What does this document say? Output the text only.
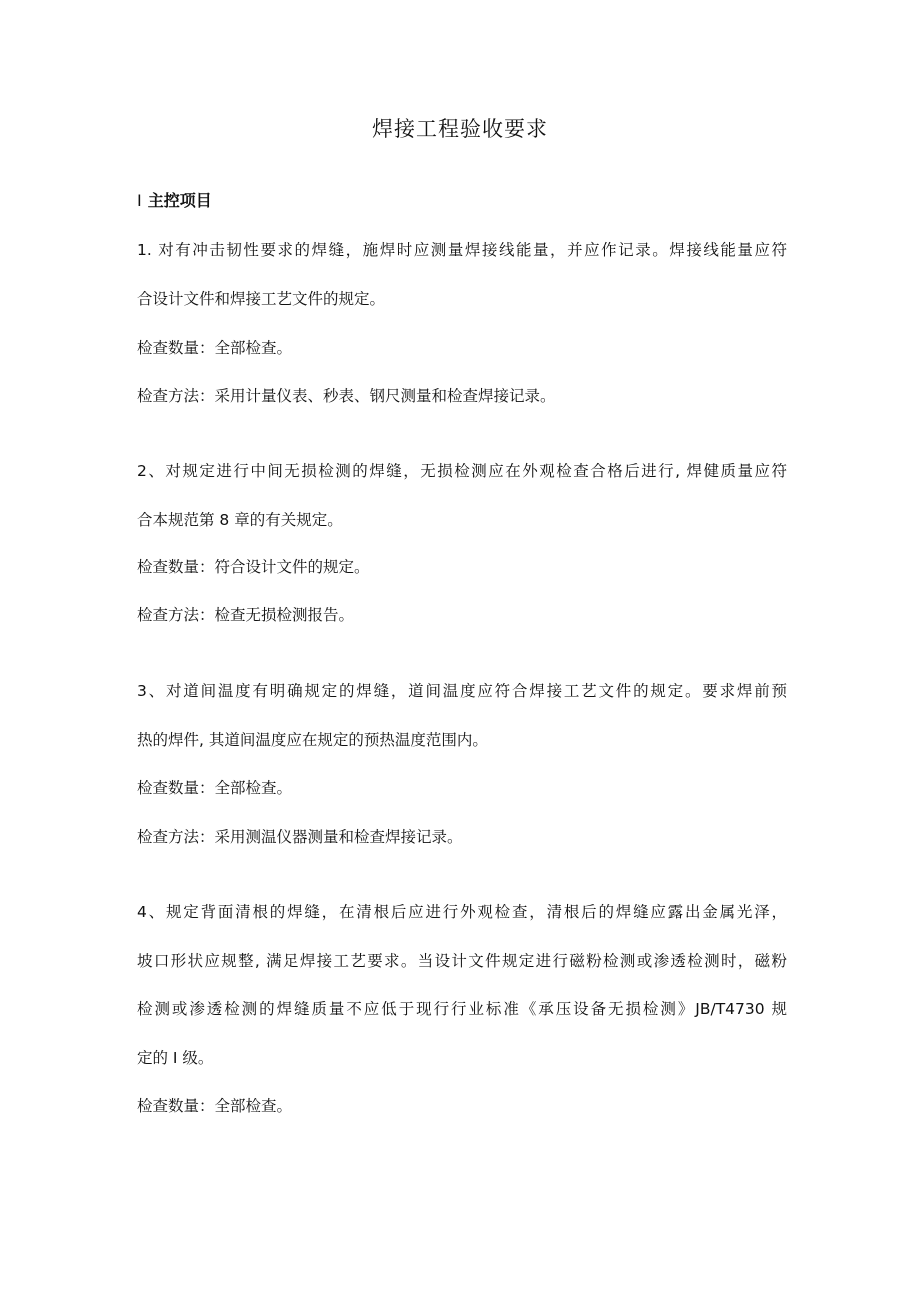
焊接工程验收要求
I 主控项目
1. 对有冲击韧性要求的焊缝，施焊时应测量焊接线能量，并应作记录。焊接线能量应符
合设计文件和焊接工艺文件的规定。
检查数量：全部检查。
检查方法：采用计量仪表、秒表、钢尺测量和检查焊接记录。
2、对规定进行中间无损检测的焊缝，无损检测应在外观检查合格后进行, 焊健质量应符
合本规范第 8 章的有关规定。
检查数量：符合设计文件的规定。
检查方法：检查无损检测报告。
3、对道间温度有明确规定的焊缝，道间温度应符合焊接工艺文件的规定。要求焊前预
热的焊件, 其道间温度应在规定的预热温度范围内。
检查数量：全部检查。
检查方法：采用测温仪器测量和检查焊接记录。
4、规定背面清根的焊缝，在清根后应进行外观检查，清根后的焊缝应露出金属光泽，
坡口形状应规整, 满足焊接工艺要求。当设计文件规定进行磁粉检测或渗透检测时，磁粉
检测或渗透检测的焊缝质量不应低于现行行业标准《承压设备无损检测》JB/T4730 规
定的 I 级。
检查数量：全部检查。
